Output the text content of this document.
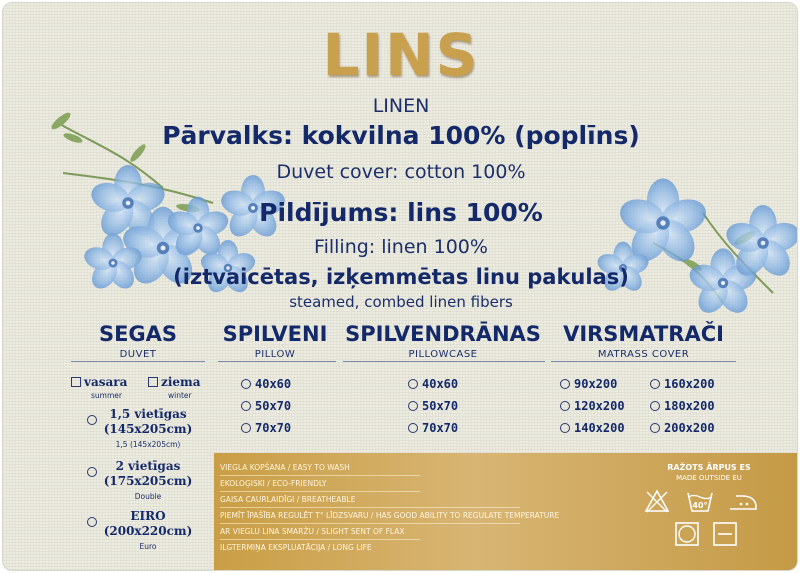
LINS
LINEN
Pārvalks: kokvilna 100% (poplīns)
Duvet cover: cotton 100%
Pildījums: lins 100%
Filling: linen 100%
(iztvaicētas, izķemmētas linu pakulas)
steamed, combed linen fibers
SEGAS
DUVET
SPILVENI
PILLOW
SPILVENDRĀNAS
PILLOWCASE
VIRSMATRAČI
MATRASS COVER
vasara
summer
ziema
winter
1,5 vietīgas
(145x205cm)
1,5 (145x205cm)
2 vietīgas
(175x205cm)
Double
EIRO
(200x220cm)
Euro
40x60
50x70
70x70
40x60
50x70
70x70
90x200
120x200
140x200
160x200
180x200
200x200
VIEGLA KOPŠANA / EASY TO WASH
EKOLOĢISKI / ECO-FRIENDLY
GAISA CAURLAIDĪGI / BREATHEABLE
PIEMĪT ĪPAŠĪBA REGULĒT T° LĪDZSVARU / HAS GOOD ABILITY TO REGULATE TEMPERATURE
AR VIEGLU LINA SMARŽU / SLIGHT SENT OF FLAX
ILGTERMIŅA EKSPLUATĀCIJA / LONG LIFE
RAŽOTS ĀRPUS ES
MADE OUTSIDE EU
40°
